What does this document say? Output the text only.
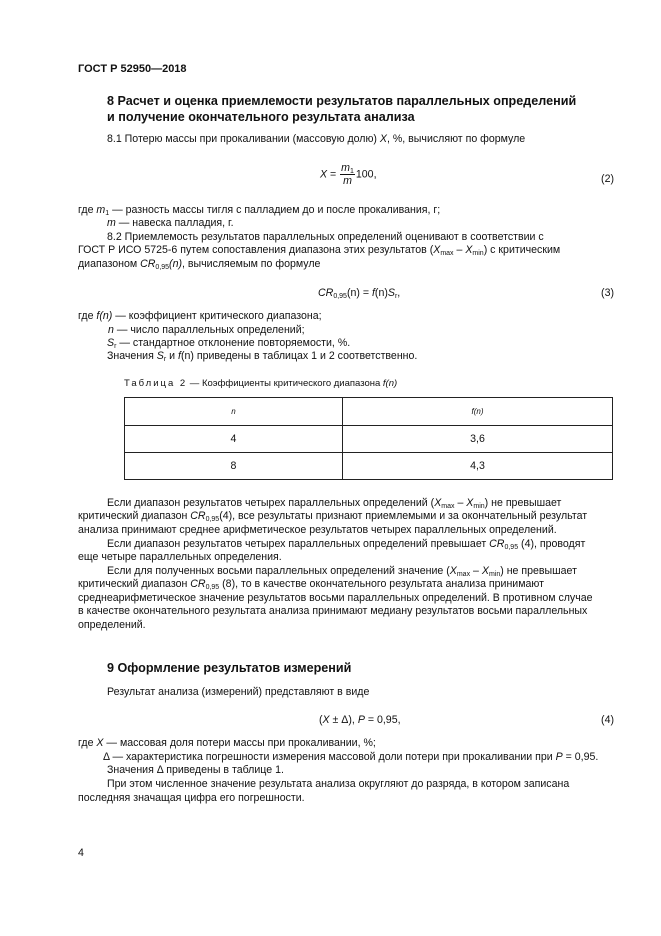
ГОСТ Р 52950—2018
8 Расчет и оценка приемлемости результатов параллельных определений
и получение окончательного результата анализа
8.1 Потерю массы при прокаливании (массовую долю) X, %, вычисляют по формуле
$X = \frac{m_1}{m} 100$,	(2)
где $m_1$ — разность массы тигля с палладием до и после прокаливания, г;
m — навеска палладия, г.
8.2 Приемлемость результатов параллельных определений оценивают в соответствии с
ГОСТ Р ИСО 5725-6 путем сопоставления диапазона этих результатов $(X_{max} - X_{min})$ с критическим
диапазоном $CR_{0,95}(n)$, вычисляемым по формуле
$CR_{0,95}(n) = f(n)S_r$,	(3)
где f(n) — коэффициент критического диапазона;
n — число параллельных определений;
$S_r$ — стандартное отклонение повторяемости, %.
Значения $S_r$ и f(n) приведены в таблицах 1 и 2 соответственно.
Таблица 2 — Коэффициенты критического диапазона f(n)
n	f(n)
4	3,6
8	4,3
Если диапазон результатов четырех параллельных определений $(X_{max} - X_{min})$ не превышает
критический диапазон $CR_{0,95}(4)$, все результаты признают приемлемыми и за окончательный результат
анализа принимают среднее арифметическое результатов четырех параллельных определений.
Если диапазон результатов четырех параллельных определений превышает $CR_{0,95}$ (4), проводят
еще четыре параллельных определения.
Если для полученных восьми параллельных определений значение $(X_{max} - X_{min})$ не превышает
критический диапазон $CR_{0,95}$ (8), то в качестве окончательного результата анализа принимают
среднеарифметическое значение результатов восьми параллельных определений. В противном случае
в качестве окончательного результата анализа принимают медиану результатов восьми параллельных
определений.
9 Оформление результатов измерений
Результат анализа (измерений) представляют в виде
(X ± Δ), P = 0,95,	(4)
где X — массовая доля потери массы при прокаливании, %;
Δ — характеристика погрешности измерения массовой доли потери при прокаливании при P = 0,95.
Значения Δ приведены в таблице 1.
При этом численное значение результата анализа округляют до разряда, в котором записана
последняя значащая цифра его погрешности.
4
